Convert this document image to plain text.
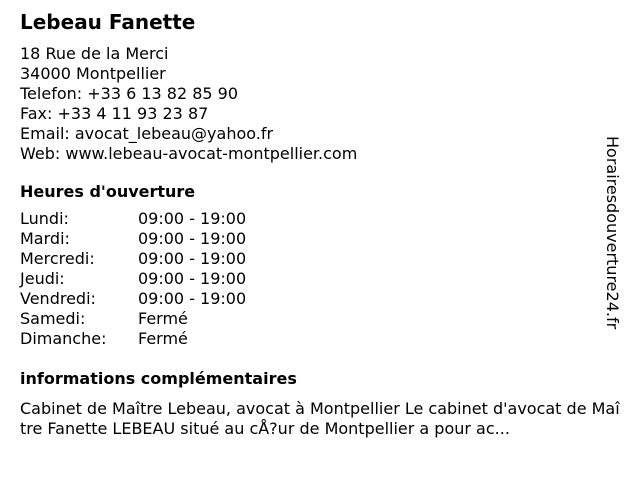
Lebeau Fanette
18 Rue de la Merci
34000 Montpellier
Telefon: +33 6 13 82 85 90
Fax: +33 4 11 93 23 87
Email: avocat_lebeau@yahoo.fr
Web: www.lebeau-avocat-montpellier.com
Heures d'ouverture
Lundi:	09:00 - 19:00
Mardi:	09:00 - 19:00
Mercredi:	09:00 - 19:00
Jeudi:	09:00 - 19:00
Vendredi:	09:00 - 19:00
Samedi:	Fermé
Dimanche:	Fermé
informations complémentaires
Cabinet de Maître Lebeau, avocat à Montpellier Le cabinet d'avocat de Maître Fanette LEBEAU situé au cÅ?ur de Montpellier a pour ac...
Horairesdouverture24.fr
